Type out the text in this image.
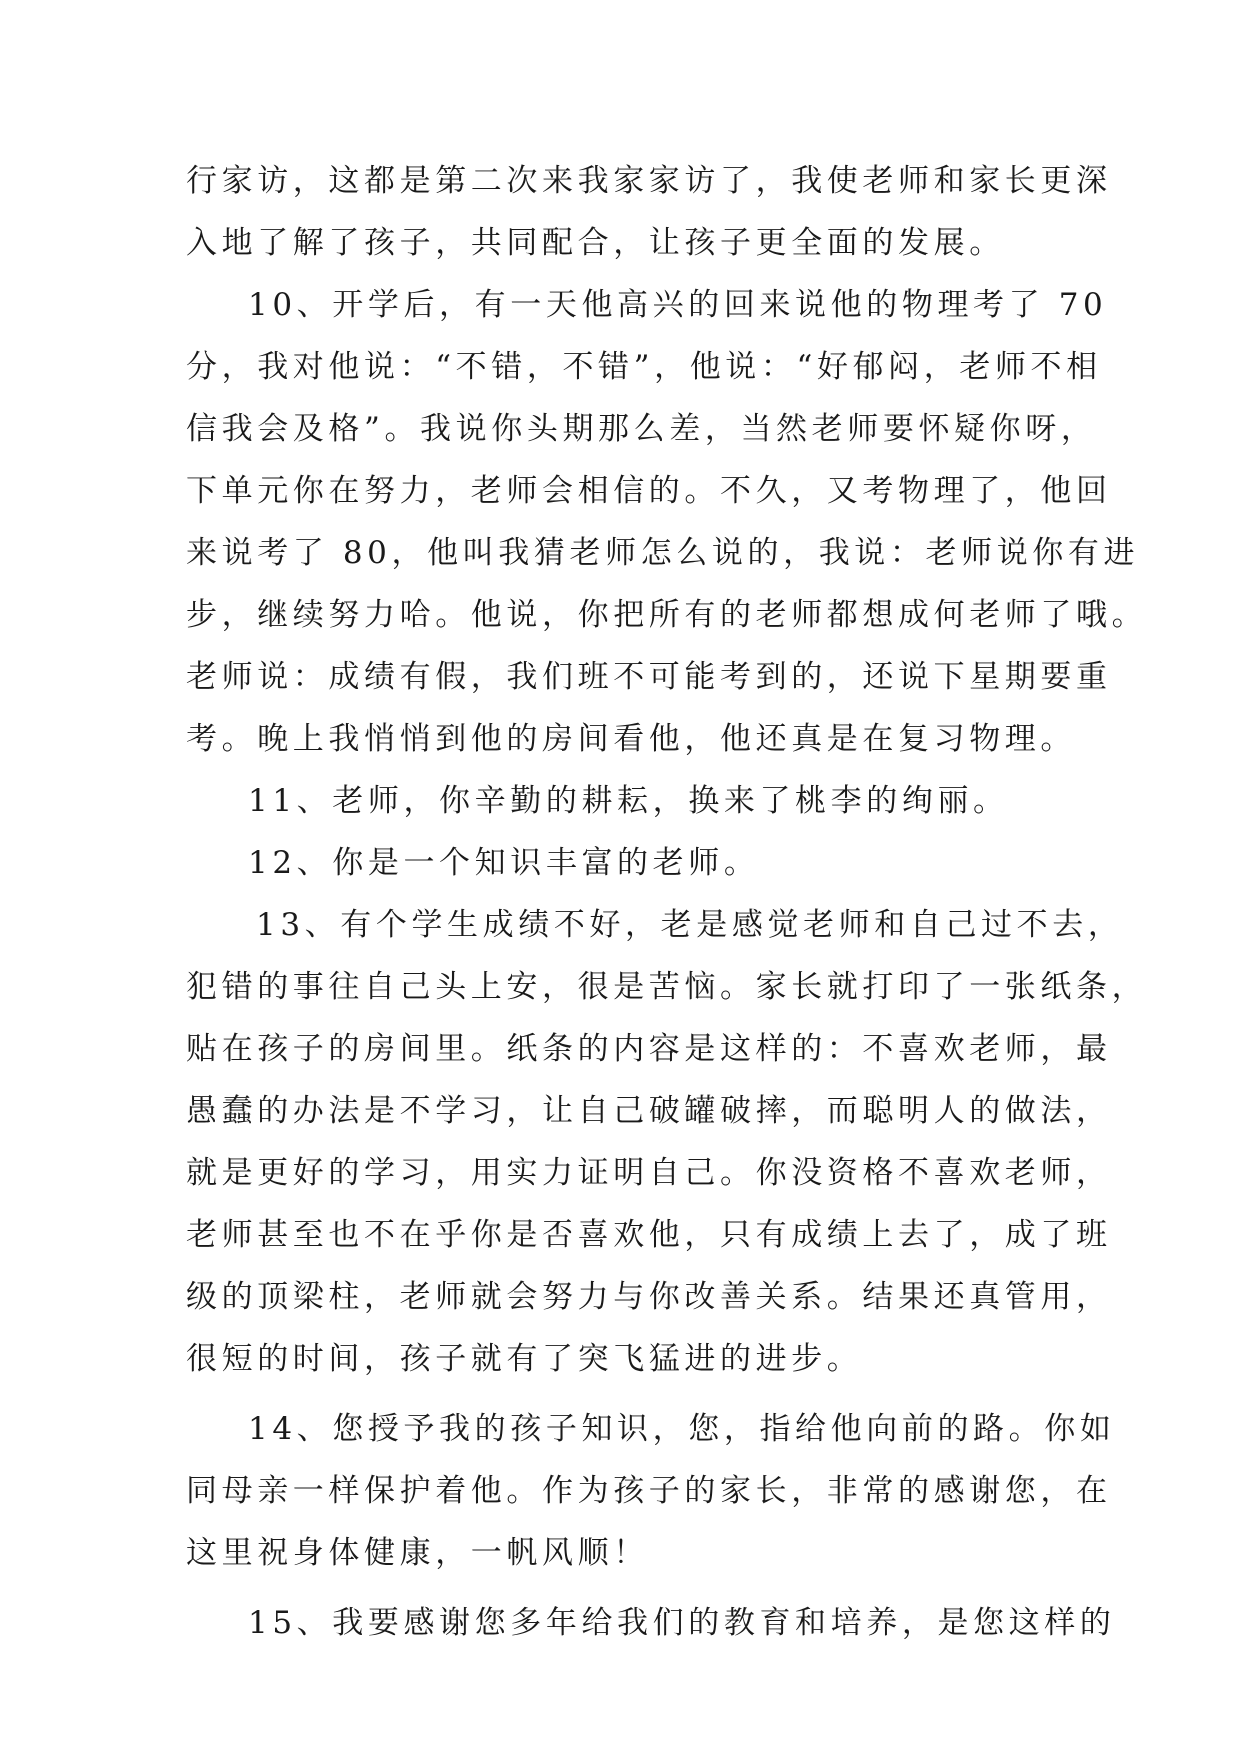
行家访，这都是第二次来我家家访了，我使老师和家长更深
入地了解了孩子，共同配合，让孩子更全面的发展。
10、开学后，有一天他高兴的回来说他的物理考了 70
分，我对他说：“不错，不错”，他说：“好郁闷，老师不相
信我会及格”。我说你头期那么差，当然老师要怀疑你呀，
下单元你在努力，老师会相信的。不久，又考物理了，他回
来说考了 80，他叫我猜老师怎么说的，我说：老师说你有进
步，继续努力哈。他说，你把所有的老师都想成何老师了哦。
老师说：成绩有假，我们班不可能考到的，还说下星期要重
考。晚上我悄悄到他的房间看他，他还真是在复习物理。
11、老师，你辛勤的耕耘，换来了桃李的绚丽。
12、你是一个知识丰富的老师。
13、有个学生成绩不好，老是感觉老师和自己过不去，
犯错的事往自己头上安，很是苦恼。家长就打印了一张纸条，
贴在孩子的房间里。纸条的内容是这样的：不喜欢老师，最
愚蠢的办法是不学习，让自己破罐破摔，而聪明人的做法，
就是更好的学习，用实力证明自己。你没资格不喜欢老师，
老师甚至也不在乎你是否喜欢他，只有成绩上去了，成了班
级的顶梁柱，老师就会努力与你改善关系。结果还真管用，
很短的时间，孩子就有了突飞猛进的进步。
14、您授予我的孩子知识，您，指给他向前的路。你如
同母亲一样保护着他。作为孩子的家长，非常的感谢您，在
这里祝身体健康，一帆风顺！
15、我要感谢您多年给我们的教育和培养，是您这样的
